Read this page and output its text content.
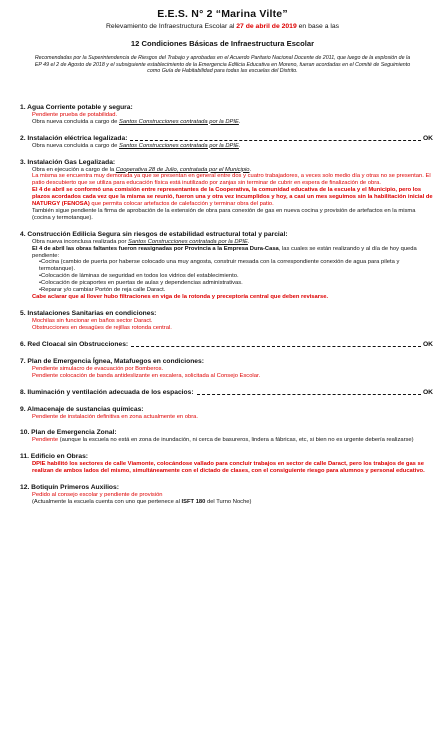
E.E.S. N° 2 “Marina Vilte”
Relevamiento de Infraestructura Escolar al 27 de abril de 2019 en base a las
12 Condiciones Básicas de Infraestructura Escolar
Recomendadas por la Superintendencia de Riesgos del Trabajo y aprobadas en el Acuerdo Paritario Nacional Docente de 2011, que luego de la explosión de la EP 49 el 2 de Agosto de 2018 y el subsiguiente establecimiento de la Emergencia Edilicia Educativa en Moreno, fueran acordadas en el Comité de Seguimiento como Guía de Habitabilidad para todas las escuelas del Distrito.
1. Agua Corriente potable y segura:
Pendiente prueba de potabilidad.
Obra nueva concluida a cargo de Santos Construcciones contratada por la DPIE.
2. Instalación eléctrica legalizada:	OK
Obra nueva concluida a cargo de Santos Construcciones contratada por la DPIE.
3. Instalación Gas Legalizada:
Obra en ejecución a cargo de la Cooperativa 28 de Julio, contratada por el Municipio.
La misma se encuentra muy demorada ya que se presentan en general entre dos y cuatro trabajadores, a veces solo medio día y otras no se presentan. El patio descubierto que se utiliza para educación física está inutilizado por zanjas sin terminar de cubrir en espera de finalización de obra.
El 4 de abril se conformó una comisión entre representantes de la Cooperativa, la comunidad educativa de la escuela y el Municipio, pero los plazos acordados cada vez que la misma se reunió, fueron una y otra vez incumplidos y hoy, a casi un mes seguimos sin la habilitación inicial de NATURGY (FENOSA) que permita colocar artefactos de calefacción y terminar obra del patio.
También sigue pendiente la firma de aprobación de la extensión de obra para conexión de gas en nueva cocina y provisión de artefactos en la misma (cocina y termotanque).
4. Construcción Edilicia Segura sin riesgos de estabilidad estructural total y parcial:
Obra nueva inconclusa realizada por Santos Construcciones contratada por la DPIE.
El 4 de abril las obras faltantes fueron reasignadas por Provincia a la Empresa Dura-Casa, las cuales se están realizando y al día de hoy queda pendiente:
• Cocina (cambio de puerta por haberse colocado una muy angosta, construir mesada con la correspondiente conexión de agua para pileta y termotanque).
• Colocación de láminas de seguridad en todos los vidrios del establecimiento.
• Colocación de picaportes en puertas de aulas y dependencias administrativas.
• Reparar y/o cambiar Portón de reja calle Daract.
Cabe aclarar que al llover hubo filtraciones en viga de la rotonda y preceptoría central que deben revisarse.
5. Instalaciones Sanitarias en condiciones:
Mochilas sin funcionar en baños sector Daract.
Obstrucciones en desagües de rejillas rotonda central.
6. Red Cloacal sin Obstrucciones:	OK
7. Plan de Emergencia Ígnea, Matafuegos en condiciones:
Pendiente simulacro de evacuación por Bomberos.
Pendiente colocación de banda antideslizante en escalera, solicitada al Consejo Escolar.
8. Iluminación y ventilación adecuada de los espacios:	OK
9. Almacenaje de sustancias químicas:
Pendiente de instalación definitiva en zona actualmente en obra.
10. Plan de Emergencia Zonal:
Pendiente (aunque la escuela no está en zona de inundación, ni cerca de basureros, lindera a fábricas, etc, si bien no es urgente debería realizarse)
11. Edificio en Obras:
DPIE habilitó los sectores de calle Viamonte, colocándose vallado para concluir trabajos en sector de calle Daract, pero los trabajos de gas se realizan de ambos lados del mismo, simultáneamente con el dictado de clases, con el consiguiente riesgo para alumnos y personal educativo.
12. Botiquín Primeros Auxilios:
Pedido al consejo escolar y pendiente de provisión
(Actualmente la escuela cuenta con uno que pertenece al ISFT 180 del Turno Noche)
